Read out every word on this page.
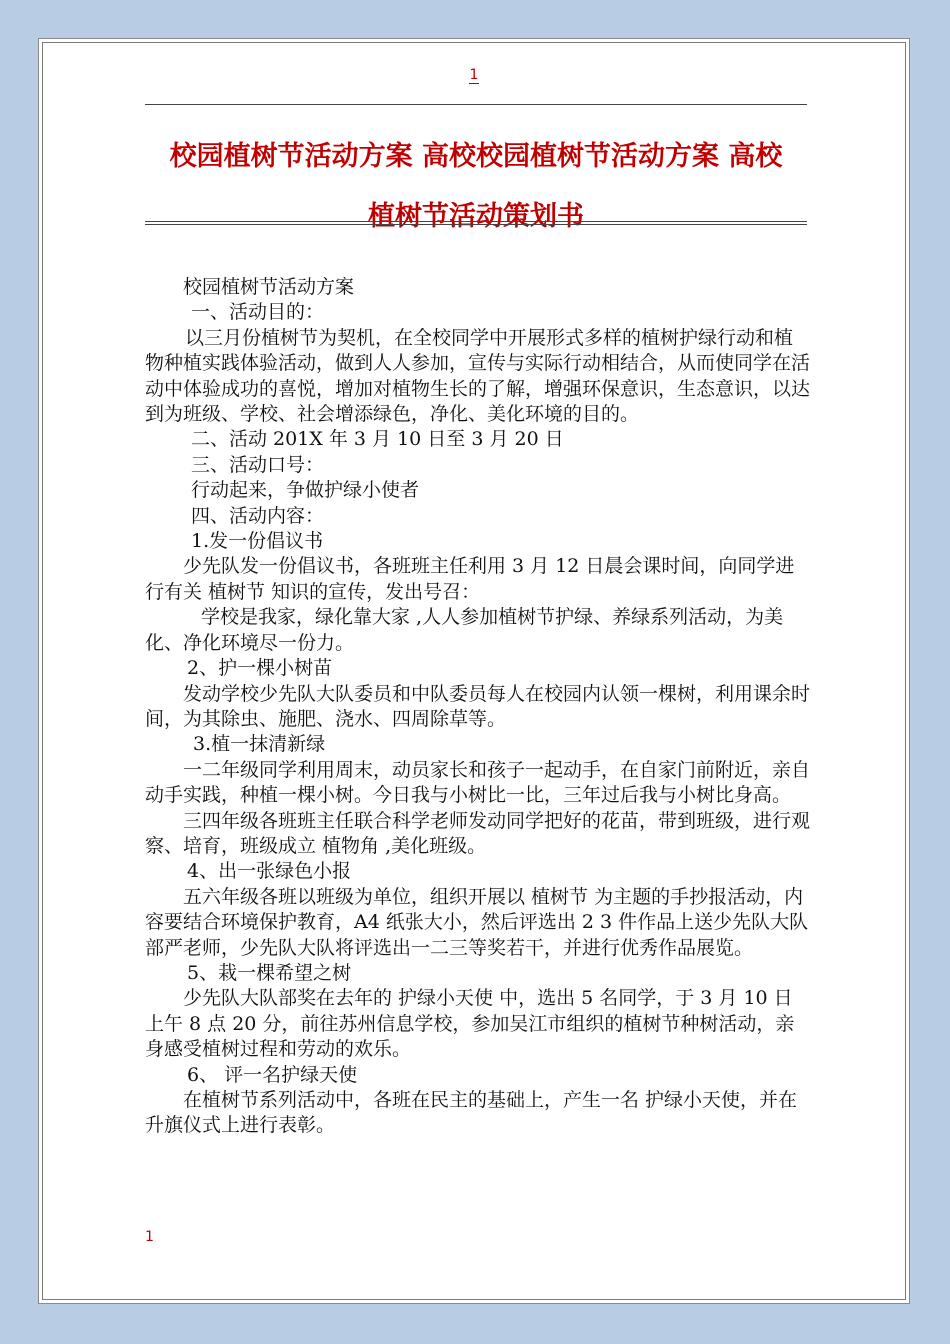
1
校园植树节活动方案 高校校园植树节活动方案 高校
植树节活动策划书

校园植树节活动方案

一、活动目的：

以三月份植树节为契机，在全校同学中开展形式多样的植树护绿行动和植物种植实践体验活动，做到人人参加，宣传与实际行动相结合，从而使同学在活动中体验成功的喜悦，增加对植物生长的了解，增强环保意识，生态意识，以达到为班级、学校、社会增添绿色，净化、美化环境的目的。

二、活动 201X 年 3 月 10 日至 3 月 20 日

三、活动口号：

行动起来，争做护绿小使者

四、活动内容：

1.发一份倡议书

少先队发一份倡议书，各班班主任利用 3 月 12 日晨会课时间，向同学进行有关 植树节 知识的宣传，发出号召：

学校是我家，绿化靠大家 ,人人参加植树节护绿、养绿系列活动，为美化、净化环境尽一份力。

2、护一棵小树苗

发动学校少先队大队委员和中队委员每人在校园内认领一棵树，利用课余时间，为其除虫、施肥、浇水、四周除草等。

3.植一抹清新绿

一二年级同学利用周末，动员家长和孩子一起动手，在自家门前附近，亲自动手实践，种植一棵小树。今日我与小树比一比，三年过后我与小树比身高。

三四年级各班班主任联合科学老师发动同学把好的花苗，带到班级，进行观察、培育，班级成立 植物角 ,美化班级。

4、出一张绿色小报

五六年级各班以班级为单位，组织开展以 植树节 为主题的手抄报活动，内容要结合环境保护教育，A4 纸张大小，然后评选出 2 3 件作品上送少先队大队部严老师，少先队大队将评选出一二三等奖若干，并进行优秀作品展览。

5、栽一棵希望之树

少先队大队部奖在去年的 护绿小天使 中，选出 5 名同学，于 3 月 10 日上午 8 点 20 分，前往苏州信息学校，参加吴江市组织的植树节种树活动，亲身感受植树过程和劳动的欢乐。

6、 评一名护绿天使

在植树节系列活动中，各班在民主的基础上，产生一名 护绿小天使，并在升旗仪式上进行表彰。

1
